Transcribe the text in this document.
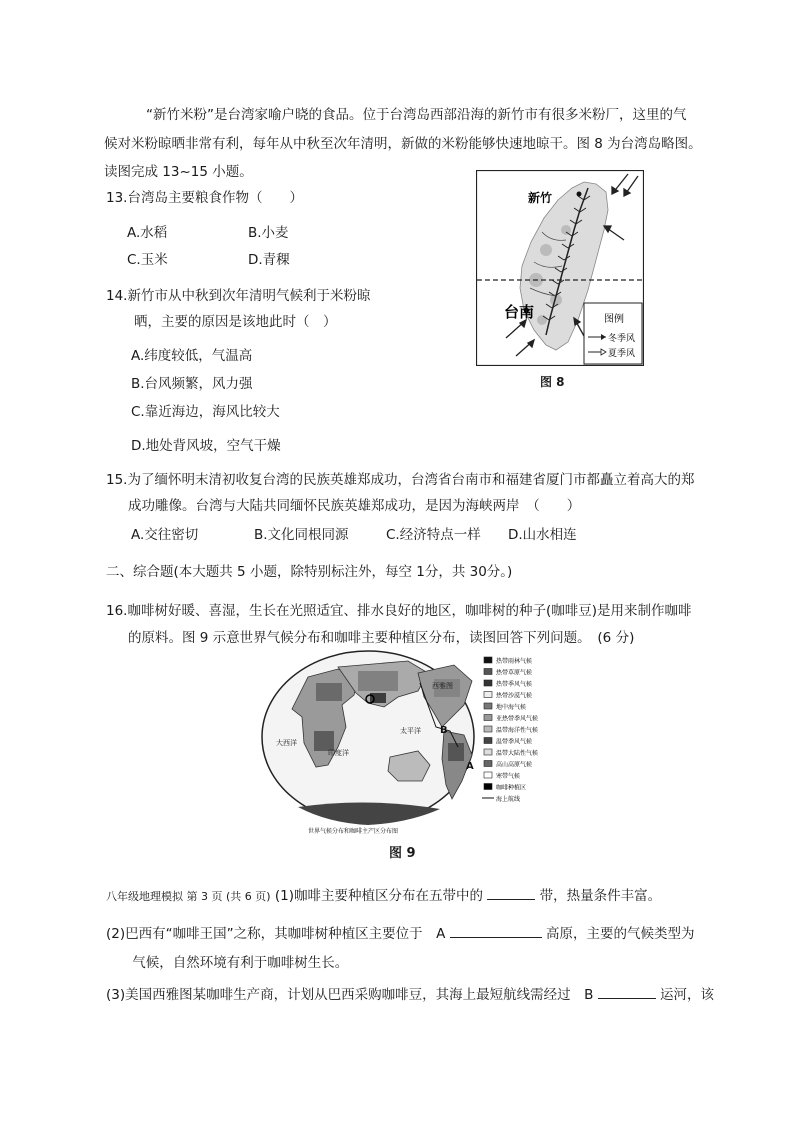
“新竹米粉”是台湾家喻户晓的食品。位于台湾岛西部沿海的新竹市有很多米粉厂，这里的气
候对米粉晾晒非常有利，每年从中秋至次年清明，新做的米粉能够快速地晾干。图 8 为台湾岛略图。
读图完成 13~15 小题。
13.台湾岛主要粮食作物（　　）
A.水稻	B.小麦
C.玉米	D.青稞
14.新竹市从中秋到次年清明气候利于米粉晾
晒，主要的原因是该地此时（　）
A.纬度较低，气温高
B.台风频繁，风力强
C.靠近海边，海风比较大
D.地处背风坡，空气干燥
新竹
台南	图例
冬季风
夏季风
图 8
15.为了缅怀明末清初收复台湾的民族英雄郑成功，台湾省台南市和福建省厦门市都矗立着高大的郑
成功雕像。台湾与大陆共同缅怀民族英雄郑成功，是因为海峡两岸　（　　）
A.交往密切	B.文化同根同源	C.经济特点一样 D.山水相连
二、综合题(本大题共 5 小题，除特别标注外，每空 1分，共 30分。)
16.咖啡树好暖、喜湿，生长在光照适宜、排水良好的地区，咖啡树的种子(咖啡豆)是用来制作咖啡
的原料。图 9 示意世界气候分布和咖啡主要种植区分布，读图回答下列问题。　(6 分)
西雅图
太平洋
大西洋
印度洋
B
A
世界气候分布和咖啡主产区分布图
热带雨林气候
热带草原气候
热带季风气候
热带沙漠气候
地中海气候
亚热带季风气候
温带海洋性气候
温带季风气候
温带大陆性气候
高山高原气候
寒带气候
咖啡种植区
海上航线
图 9
八年级地理模拟 第 3 页 (共 6 页) (1)咖啡主要种植区分布在五带中的	带，热量条件丰富。
(2)巴西有“咖啡王国”之称，其咖啡树种植区主要位于　A	高原，主要的气候类型为
气候，自然环境有利于咖啡树生长。
(3)美国西雅图某咖啡生产商，计划从巴西采购咖啡豆，其海上最短航线需经过　B	运河，该
